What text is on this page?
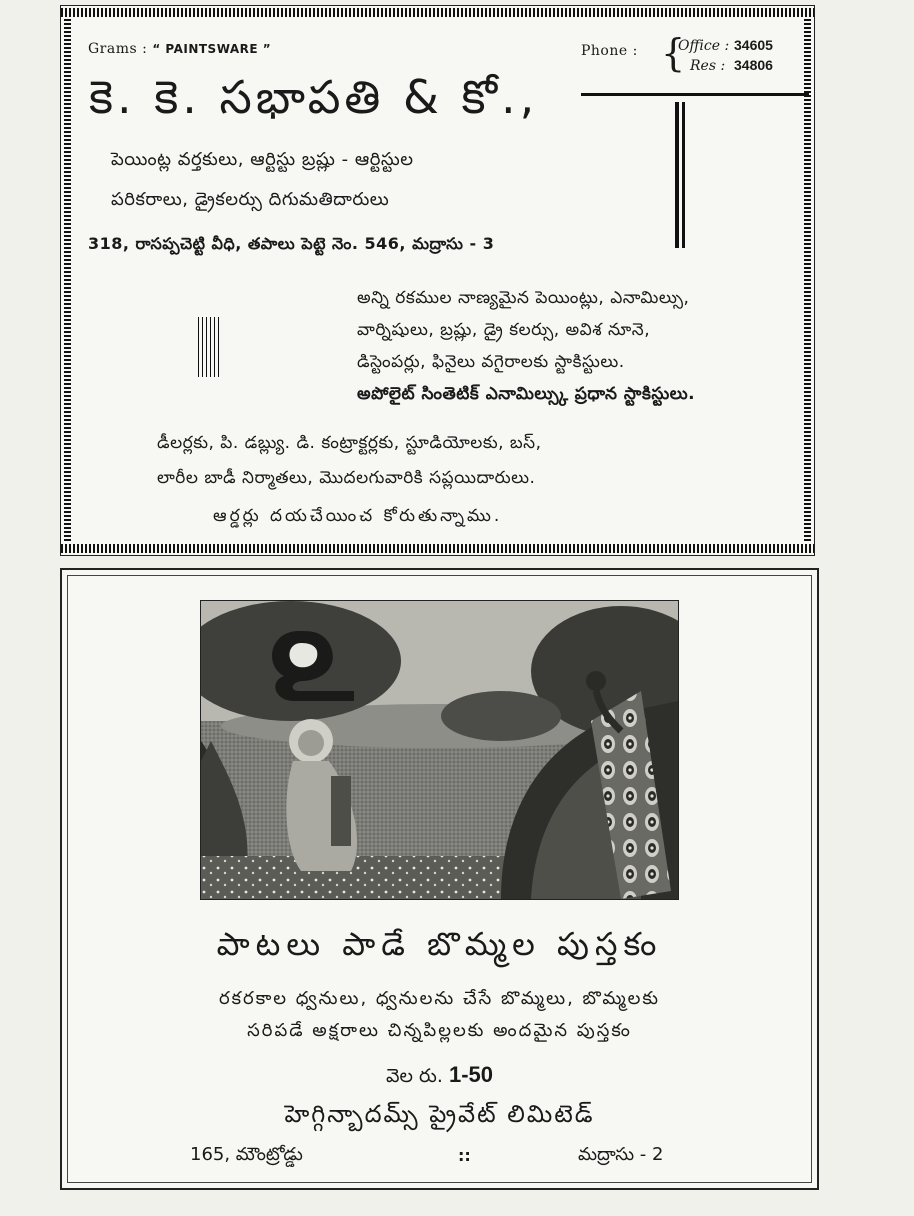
Grams : “ PAINTSWARE ”	Phone : {
Office : 34605
Res : 34806
కె. కె. సభాపతి & కో.,
పెయింట్ల వర్తకులు, ఆర్టిస్టు బ్రష్లు - ఆర్టిస్టుల
పరికరాలు, డ్రైకలర్సు దిగుమతిదారులు
318, రాసప్పచెట్టి వీధి, తపాలు పెట్టె నెం. 546, మద్రాసు - 3
అన్ని రకముల నాణ్యమైన పెయింట్లు, ఎనామిల్సు,
వార్నిషులు, బ్రష్లు, డ్రై కలర్సు, అవిశ నూనె,
డిస్టెంపర్లు, ఫినైలు వగైరాలకు స్టాకిస్టులు.
అపోలైట్ సింతెటిక్ ఎనామిల్స్కు ప్రధాన స్టాకిస్టులు.
డీలర్లకు, పి. డబ్ల్యు. డి. కంట్రాక్టర్లకు, స్టూడియోలకు, బస్,
లారీల బాడీ నిర్మాతలు, మొదలగువారికి సప్లయిదారులు.
ఆర్డర్లు దయచేయించ కోరుతున్నాము.
అ
పాటలు పాడే బొమ్మల పుస్తకం
రకరకాల ధ్వనులు, ధ్వనులను చేసే బొమ్మలు, బొమ్మలకు
సరిపడే అక్షరాలు చిన్నపిల్లలకు అందమైన పుస్తకం
వెల రు. 1-50
హెగ్గిన్బాదమ్స్ ప్రైవేట్ లిమిటెడ్
165, మౌంట్రోడ్డు	::	మద్రాసు - 2
